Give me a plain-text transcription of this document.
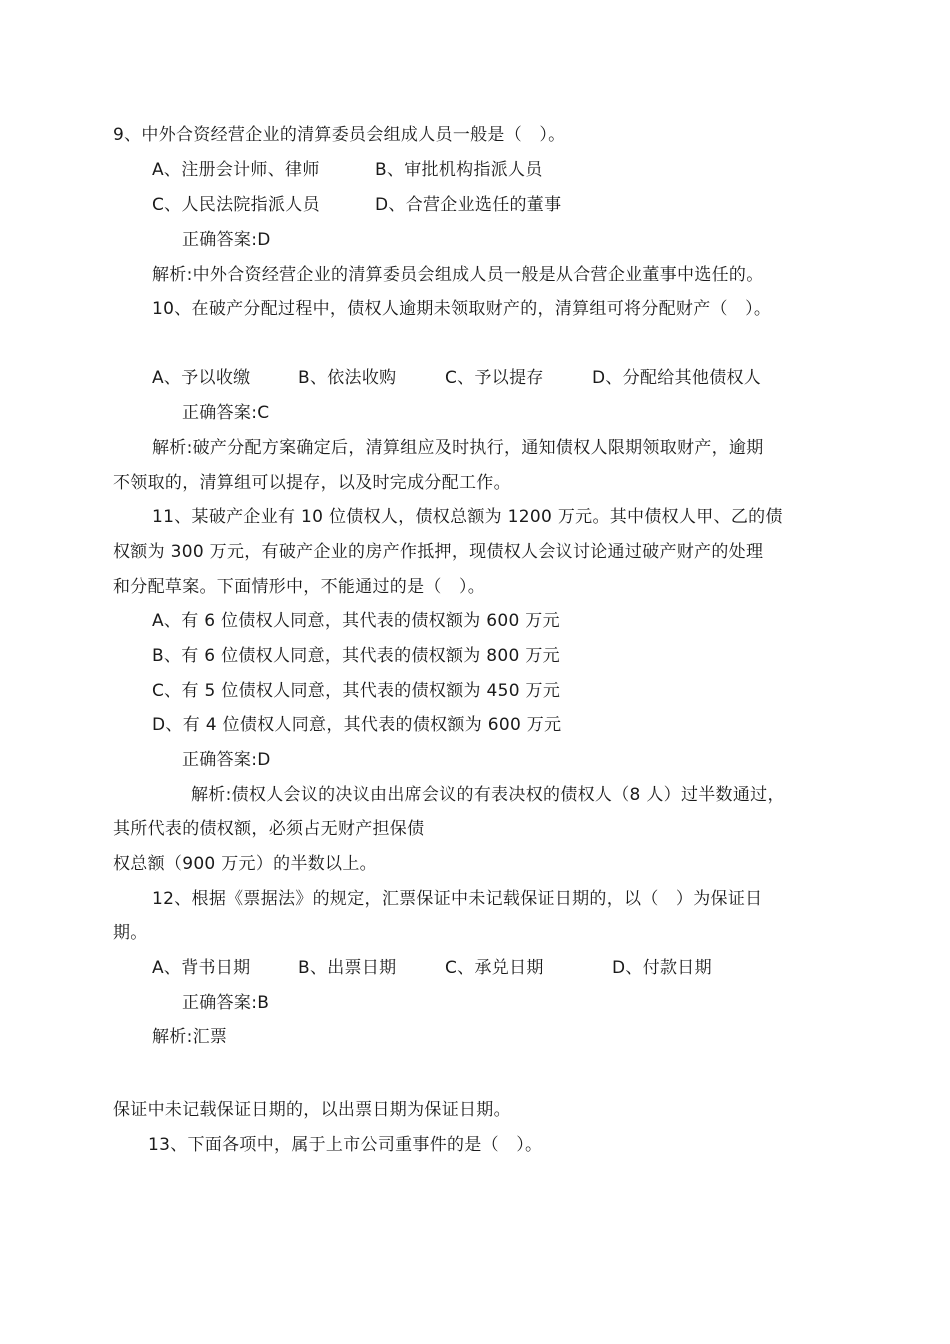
9、中外合资经营企业的清算委员会组成人员一般是（　）。
A、注册会计师、律师	B、审批机构指派人员
C、人民法院指派人员	D、合营企业选任的董事
正确答案:D
解析:中外合资经营企业的清算委员会组成人员一般是从合营企业董事中选任的。
10、在破产分配过程中，债权人逾期未领取财产的，清算组可将分配财产（　）。
A、予以收缴	B、依法收购	C、予以提存	D、分配给其他债权人
正确答案:C
解析:破产分配方案确定后，清算组应及时执行，通知债权人限期领取财产，逾期
不领取的，清算组可以提存，以及时完成分配工作。
11、某破产企业有 10 位债权人，债权总额为 1200 万元。其中债权人甲、乙的债
权额为 300 万元，有破产企业的房产作抵押，现债权人会议讨论通过破产财产的处理
和分配草案。下面情形中，不能通过的是（　）。
A、有 6 位债权人同意，其代表的债权额为 600 万元
B、有 6 位债权人同意，其代表的债权额为 800 万元
C、有 5 位债权人同意，其代表的债权额为 450 万元
D、有 4 位债权人同意，其代表的债权额为 600 万元
正确答案:D
解析:债权人会议的决议由出席会议的有表决权的债权人（8 人）过半数通过，
其所代表的债权额，必须占无财产担保债
权总额（900 万元）的半数以上。
12、根据《票据法》的规定，汇票保证中未记载保证日期的，以（　）为保证日
期。
A、背书日期	B、出票日期	C、承兑日期	D、付款日期
正确答案:B
解析:汇票
保证中未记载保证日期的，以出票日期为保证日期。
13、下面各项中，属于上市公司重事件的是（　）。
